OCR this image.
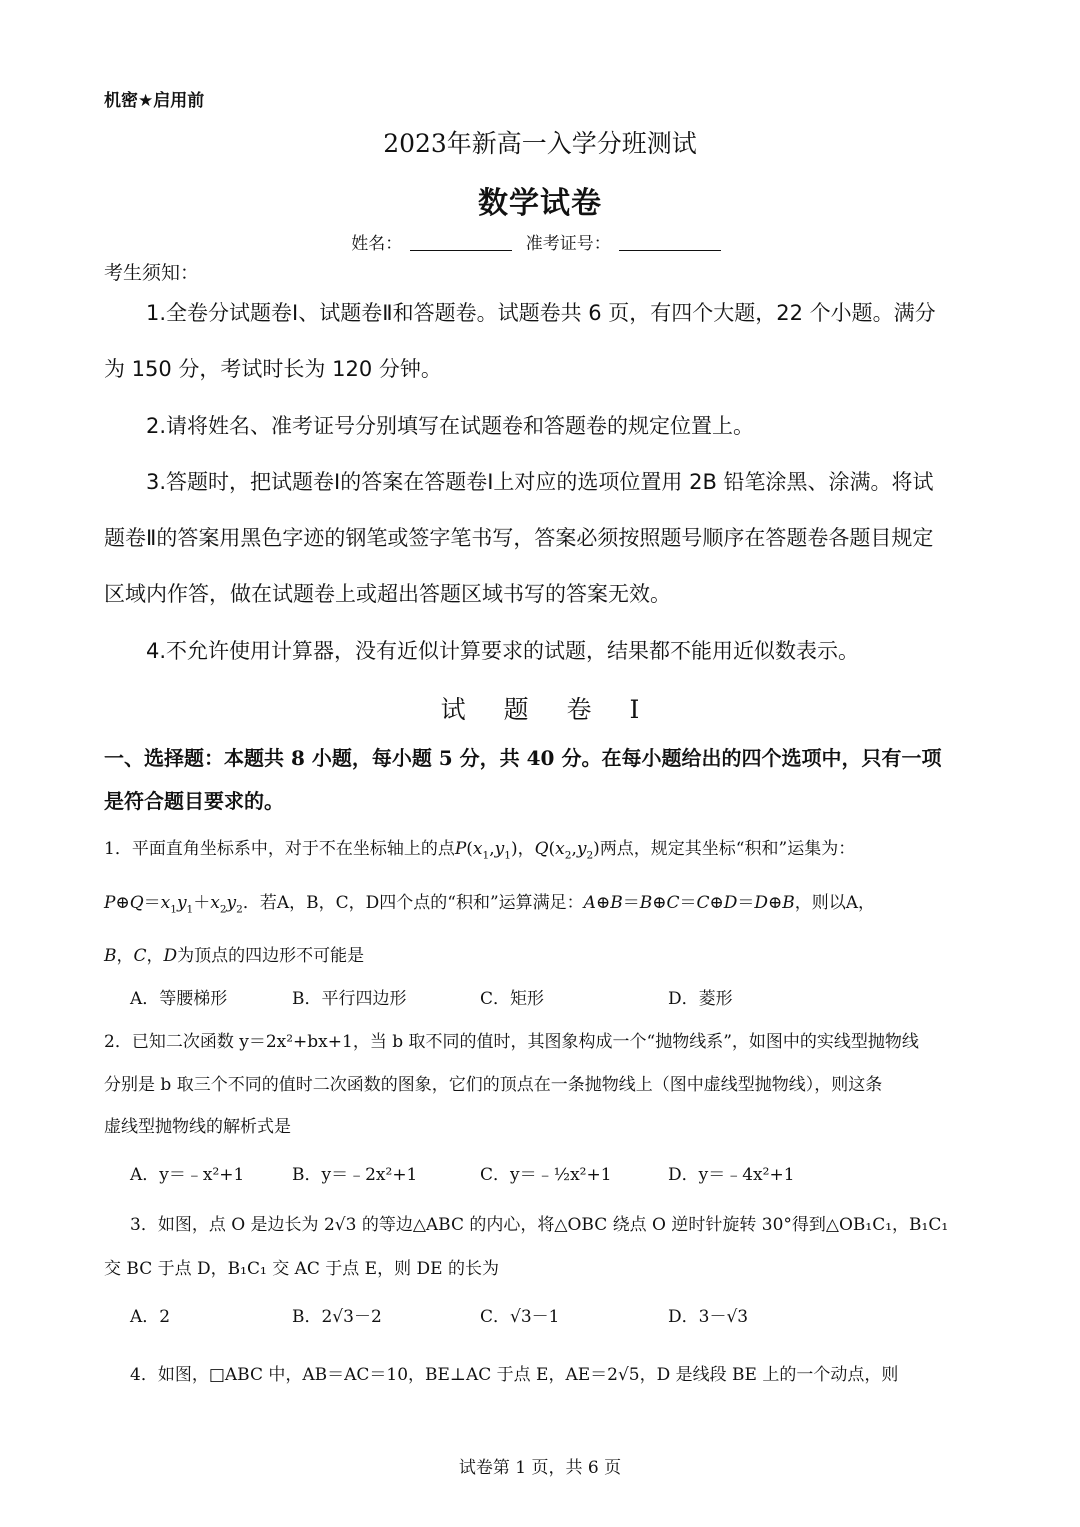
机密★启用前
2023年新高一入学分班测试
数学试卷
姓名：	准考证号：
考生须知：
1.全卷分试题卷Ⅰ、试题卷Ⅱ和答题卷。试题卷共 6 页，有四个大题，22 个小题。满分
为 150 分，考试时长为 120 分钟。
2.请将姓名、准考证号分别填写在试题卷和答题卷的规定位置上。
3.答题时，把试题卷Ⅰ的答案在答题卷Ⅰ上对应的选项位置用 2B 铅笔涂黑、涂满。将试
题卷Ⅱ的答案用黑色字迹的钢笔或签字笔书写，答案必须按照题号顺序在答题卷各题目规定
区域内作答，做在试题卷上或超出答题区域书写的答案无效。
4.不允许使用计算器，没有近似计算要求的试题，结果都不能用近似数表示。
试 题 卷 Ⅰ
一、选择题：本题共 8 小题，每小题 5 分，共 40 分。在每小题给出的四个选项中，只有一项
是符合题目要求的。
1．平面直角坐标系中，对于不在坐标轴上的点$P(x_1,y_1)$，$Q(x_2,y_2)$两点，规定其坐标“积和”运集为：
$P\oplus Q=x_1y_1+x_2y_2$．若A，B，C，D四个点的“积和”运算满足：A⊕B＝B⊕C＝C⊕D＝D⊕B，则以A，
B，C，D为顶点的四边形不可能是
A．等腰梯形	B．平行四边形	C．矩形	D．菱形
2．已知二次函数 y＝2x²+bx+1，当 b 取不同的值时，其图象构成一个“抛物线系”，如图中的实线型抛物线
分别是 b 取三个不同的值时二次函数的图象，它们的顶点在一条抛物线上（图中虚线型抛物线），则这条
虚线型抛物线的解析式是
A．y＝﹣x²+1	B．y＝﹣2x²+1	C．y＝﹣½x²+1	D．y＝﹣4x²+1
3．如图，点 O 是边长为 2√3 的等边△ABC 的内心，将△OBC 绕点 O 逆时针旋转 30°得到△OB₁C₁，B₁C₁
交 BC 于点 D，B₁C₁ 交 AC 于点 E，则 DE 的长为
A．2	B．2√3－2	C．√3－1	D．3－√3
4．如图，□ABC 中，AB＝AC＝10，BE⊥AC 于点 E，AE＝2√5，D 是线段 BE 上的一个动点，则
试卷第 1 页，共 6 页
